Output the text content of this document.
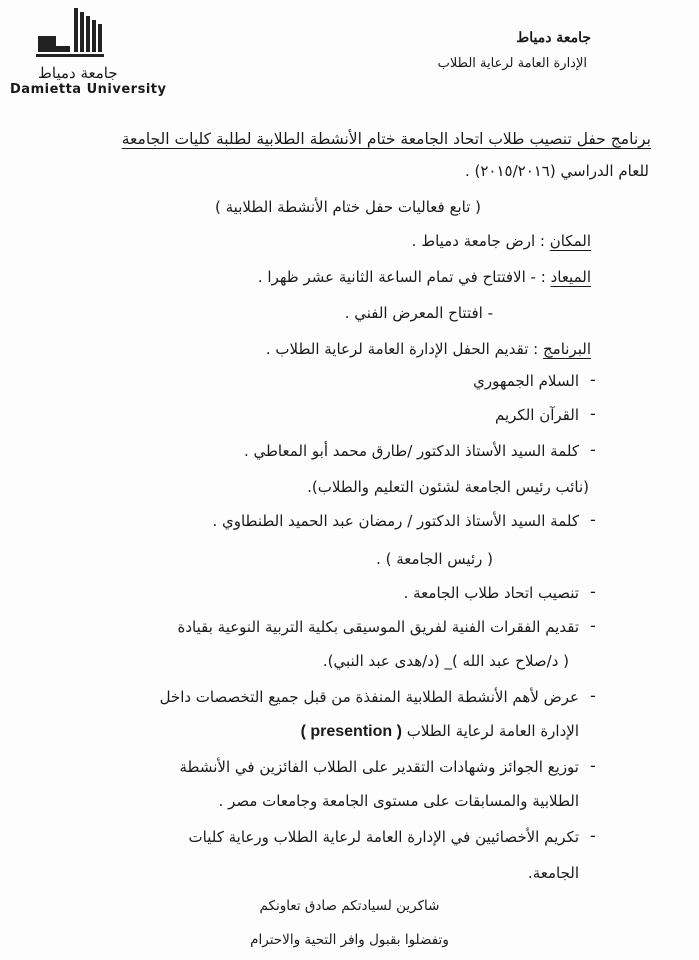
جامعة دمياط
Damietta University
جامعة دمياط
الإدارة العامة لرعاية الطلاب
برنامج حفل تنصيب طلاب اتحاد الجامعة ختام الأنشطة الطلابية لطلبة كليات الجامعة
للعام الدراسي (٢٠١٥/٢٠١٦) .
( تابع فعاليات حفل ختام الأنشطة الطلابية )
المكان : ارض جامعة دمياط .
الميعاد : - الافتتاح في تمام الساعة الثانية عشر ظهرا .
- افتتاح المعرض الفني .
البرنامج : تقديم الحفل الإدارة العامة لرعاية الطلاب .
-
السلام الجمهوري
-
القرآن الكريم
-
كلمة السيد الأستاذ الدكتور /طارق محمد أبو المعاطي .
(نائب رئيس الجامعة لشئون التعليم والطلاب).
-
كلمة السيد الأستاذ الدكتور / رمضان عبد الحميد الطنطاوي .
( رئيس الجامعة ) .
-
تنصيب اتحاد طلاب الجامعة .
-
تقديم الفقرات الفنية لفريق الموسيقى بكلية التربية النوعية بقيادة
( د/صلاح عبد الله )_ (د/هدى عبد النبي).
-
عرض لأهم الأنشطة الطلابية المنفذة من قبل جميع التخصصات داخل
الإدارة العامة لرعاية الطلاب ( presention )
-
توزيع الجوائز وشهادات التقدير على الطلاب الفائزين في الأنشطة
الطلابية والمسابقات على مستوى الجامعة وجامعات مصر .
-
تكريم الأخصائيين في الإدارة العامة لرعاية الطلاب ورعاية كليات
الجامعة.
شاكرين لسيادتكم صادق تعاونكم
وتفضلوا بقبول وافر التحية والاحترام
